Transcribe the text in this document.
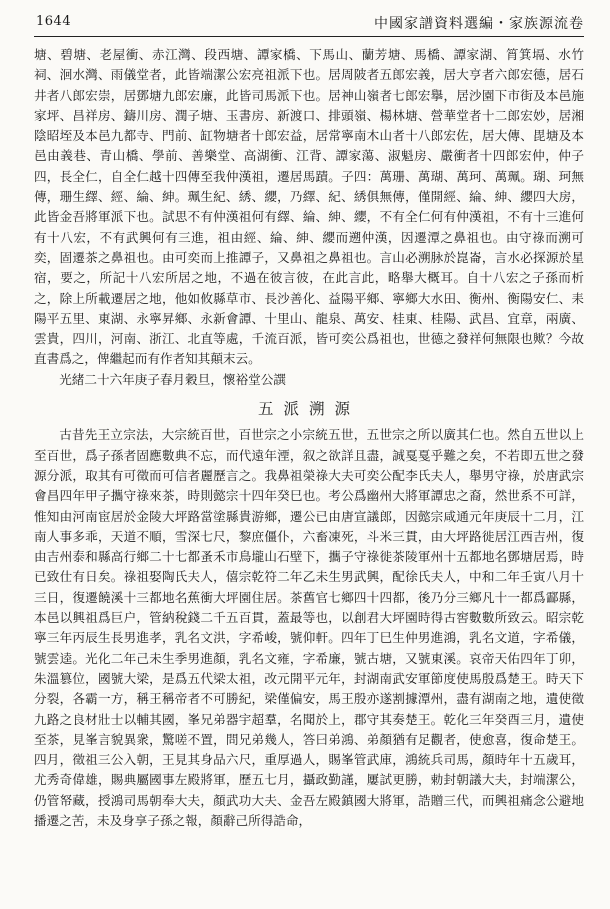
1644	中國家譜資料選編・家族源流卷

塘、碧塘、老屋衝、赤江灣、段西塘、譚家橋、下馬山、蘭芳塘、馬橋、譚家湖、筲箕塥、水竹祠、洄水灣、雨儀堂者，此皆端潔公宏亮祖派下也。居周陂者五郎宏義，居大亨者六郎宏德，居石井者八郎宏崇，居鄧塘九郎宏廉，此皆司馬派下也。居神山嶺者七郎宏擧，居沙園下市街及本邑施家坪、昌祥房、鑄川房、潤子塘、玉書房、新渡口、排頭嶺、楊林塘、營華堂者十二郎宏妙，居湘陰昭垤及本邑九都寺、門前、缸物塘者十郎宏益，居常寧南木山者十八郎宏佐，居大傳、毘塘及本邑由義巷、青山橋、學前、善樂堂、高湖衝、江背、譚家蕩、淑魁房、嚴衝者十四郎宏仲，仲子四，長全仁，自全仁越十四傳至我仲漢祖，遷居馬蹟。子四：萬珊、萬瑚、萬珂、萬珮。瑚、珂無傳，珊生繹、經、綸、紳。珮生紀、綉、纓，乃繹、紀、綉俱無傳，僅開經、綸、紳、纓四大房，此皆金吾將軍派下也。試思不有仲漢祖何有繹、綸、紳、纓，不有全仁何有仲漢祖，不有十三進何有十八宏，不有武興何有三進，祖由經、綸、紳、纓而遡仲漢，因遷潭之鼻祖也。由守祿而溯可奕，固遷茶之鼻祖也。由可奕而上推譚子，又鼻祖之鼻祖也。言山必溯脉於崑崙，言水必探源於星宿，要之，所記十八宏所居之地，不過在彼言彼，在此言此，略舉大概耳。自十八宏之子孫而析之，除上所載遷居之地，他如攸縣草市、長沙善化、益陽平鄉、寧鄉大水田、衡州、衡陽安仁、耒陽平五里、東湖、永寧昇鄉、永新會譚、十里山、龍泉、萬安、桂東、桂陽、武昌、宜章，兩廣、雲貴，四川，河南、浙江、北直等處，千流百派，皆可奕公爲祖也，世德之發祥何無限也歟？今故直書爲之，俾繼起而有作者知其顛末云。

光緒二十六年庚子春月穀旦，懷裕堂公譔

五派溯源

古昔先王立宗法，大宗統百世，百世宗之小宗統五世，五世宗之所以廣其仁也。然自五世以上至百世，爲子孫者固應數典不忘，而代遠年湮，叙之欲詳且盡，誠戛戛乎難之矣，不若即五世之發源分派，取其有可徵而可信者麗歷言之。我鼻祖榮祿大夫可奕公配李氏夫人，舉男守祿，於唐武宗會昌四年甲子攜守祿來茶，時則懿宗十四年癸巳也。考公爲幽州大將軍譚忠之裔，然世系不可詳，惟知由河南宦居於金陵大坪路當塗縣貴游鄉，遷公已由唐宣議郎，因懿宗咸通元年庚辰十二月，江南人事多乖，天道不順，雪深七尺，黎庶僵仆，六畜凍死，斗米三貫，由大坪路徙居江西吉州，復由吉州泰和縣高行鄉二十七都蚤禾市鳥壠山石壁下，攜子守祿徙茶陵軍州十五都地名鄧塘居焉，時已致仕有日矣。祿祖娶陶氏夫人，僖宗乾符二年乙未生男武興，配徐氏夫人，中和二年壬寅八月十三日，復遷饒溪十三都地名蕉衝大坪園住居。茶舊官七鄉四十四都，後乃分三鄉凡十一都爲酃縣，本邑以興祖爲巨户，管納稅錢二千五百貫，蓋最等也，以創君大坪園時得古窖數數所致云。昭宗乾寧三年丙辰生長男進孝，乳名文洪，字希峻，號仰軒。四年丁巳生仲男進鴻，乳名文道，字希儀，號雲逵。光化二年己未生季男進顏，乳名文雍，字希廉，號古塘，又號東溪。哀帝天佑四年丁卯，朱溫篡位，國號大梁，是爲五代梁太祖，改元開平元年，封湖南武安軍節度使馬殷爲楚王。時天下分裂，各霸一方，稱王稱帝者不可勝紀，梁僅偏安，馬王殷亦遂割據潭州，盡有湖南之地，遺使徵九路之良材壯士以輔其國，峯兄弟器宇超羣，名聞於上，郡守其奏楚王。乾化三年癸酉三月，遺使至茶，見峯言貌異衆，驚嗟不置，問兄弟幾人，答曰弟鴻、弟顏猶有足觀者，使愈喜，復命楚王。四月，徵祖三公入朝，王見其身品六尺，重厚過人，賜峯管武庫，鴻統兵司馬，顏時年十五歲耳，尤秀奇偉雄，賜典屬國事左殿將軍，歷五七月，攝政勤謹，屢試更勝，勅封朝議大夫，封端潔公，仍管帑藏，授鴻司馬朝奉大夫，顏武功大夫、金吾左殿鎮國大將軍，誥贈三代，而興祖痛念公避地播遷之苦，未及身享子孫之報，顏辭己所得誥命，
